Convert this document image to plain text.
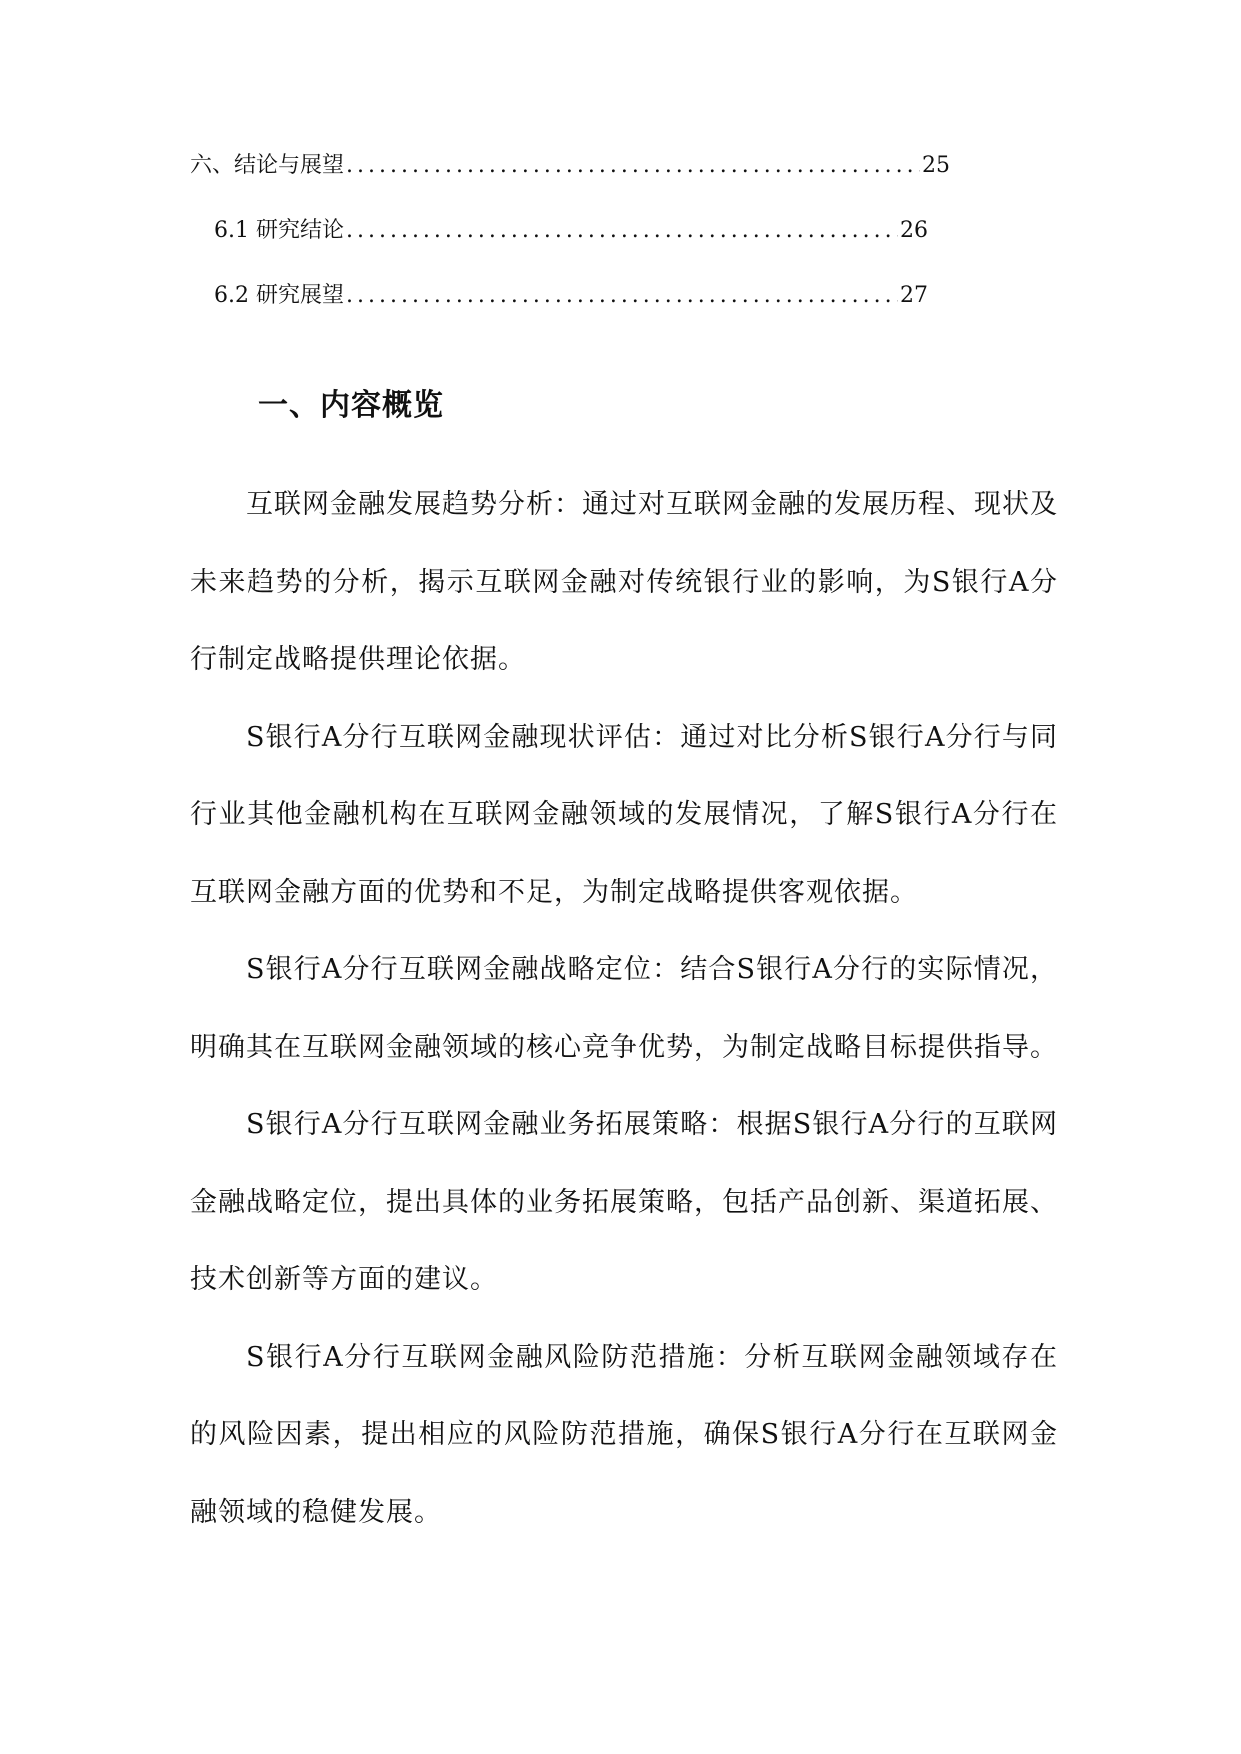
六、结论与展望 .....	25
6.1 研究结论 .....	26
6.2 研究展望 .....	27
一、内容概览

互联网金融发展趋势分析：通过对互联网金融的发展历程、现状及未来趋势的分析，揭示互联网金融对传统银行业的影响，为S银行A分行制定战略提供理论依据。

S银行A分行互联网金融现状评估：通过对比分析S银行A分行与同行业其他金融机构在互联网金融领域的发展情况，了解S银行A分行在互联网金融方面的优势和不足，为制定战略提供客观依据。

S银行A分行互联网金融战略定位：结合S银行A分行的实际情况，明确其在互联网金融领域的核心竞争优势，为制定战略目标提供指导。

S银行A分行互联网金融业务拓展策略：根据S银行A分行的互联网金融战略定位，提出具体的业务拓展策略，包括产品创新、渠道拓展、技术创新等方面的建议。

S银行A分行互联网金融风险防范措施：分析互联网金融领域存在的风险因素，提出相应的风险防范措施，确保S银行A分行在互联网金融领域的稳健发展。
